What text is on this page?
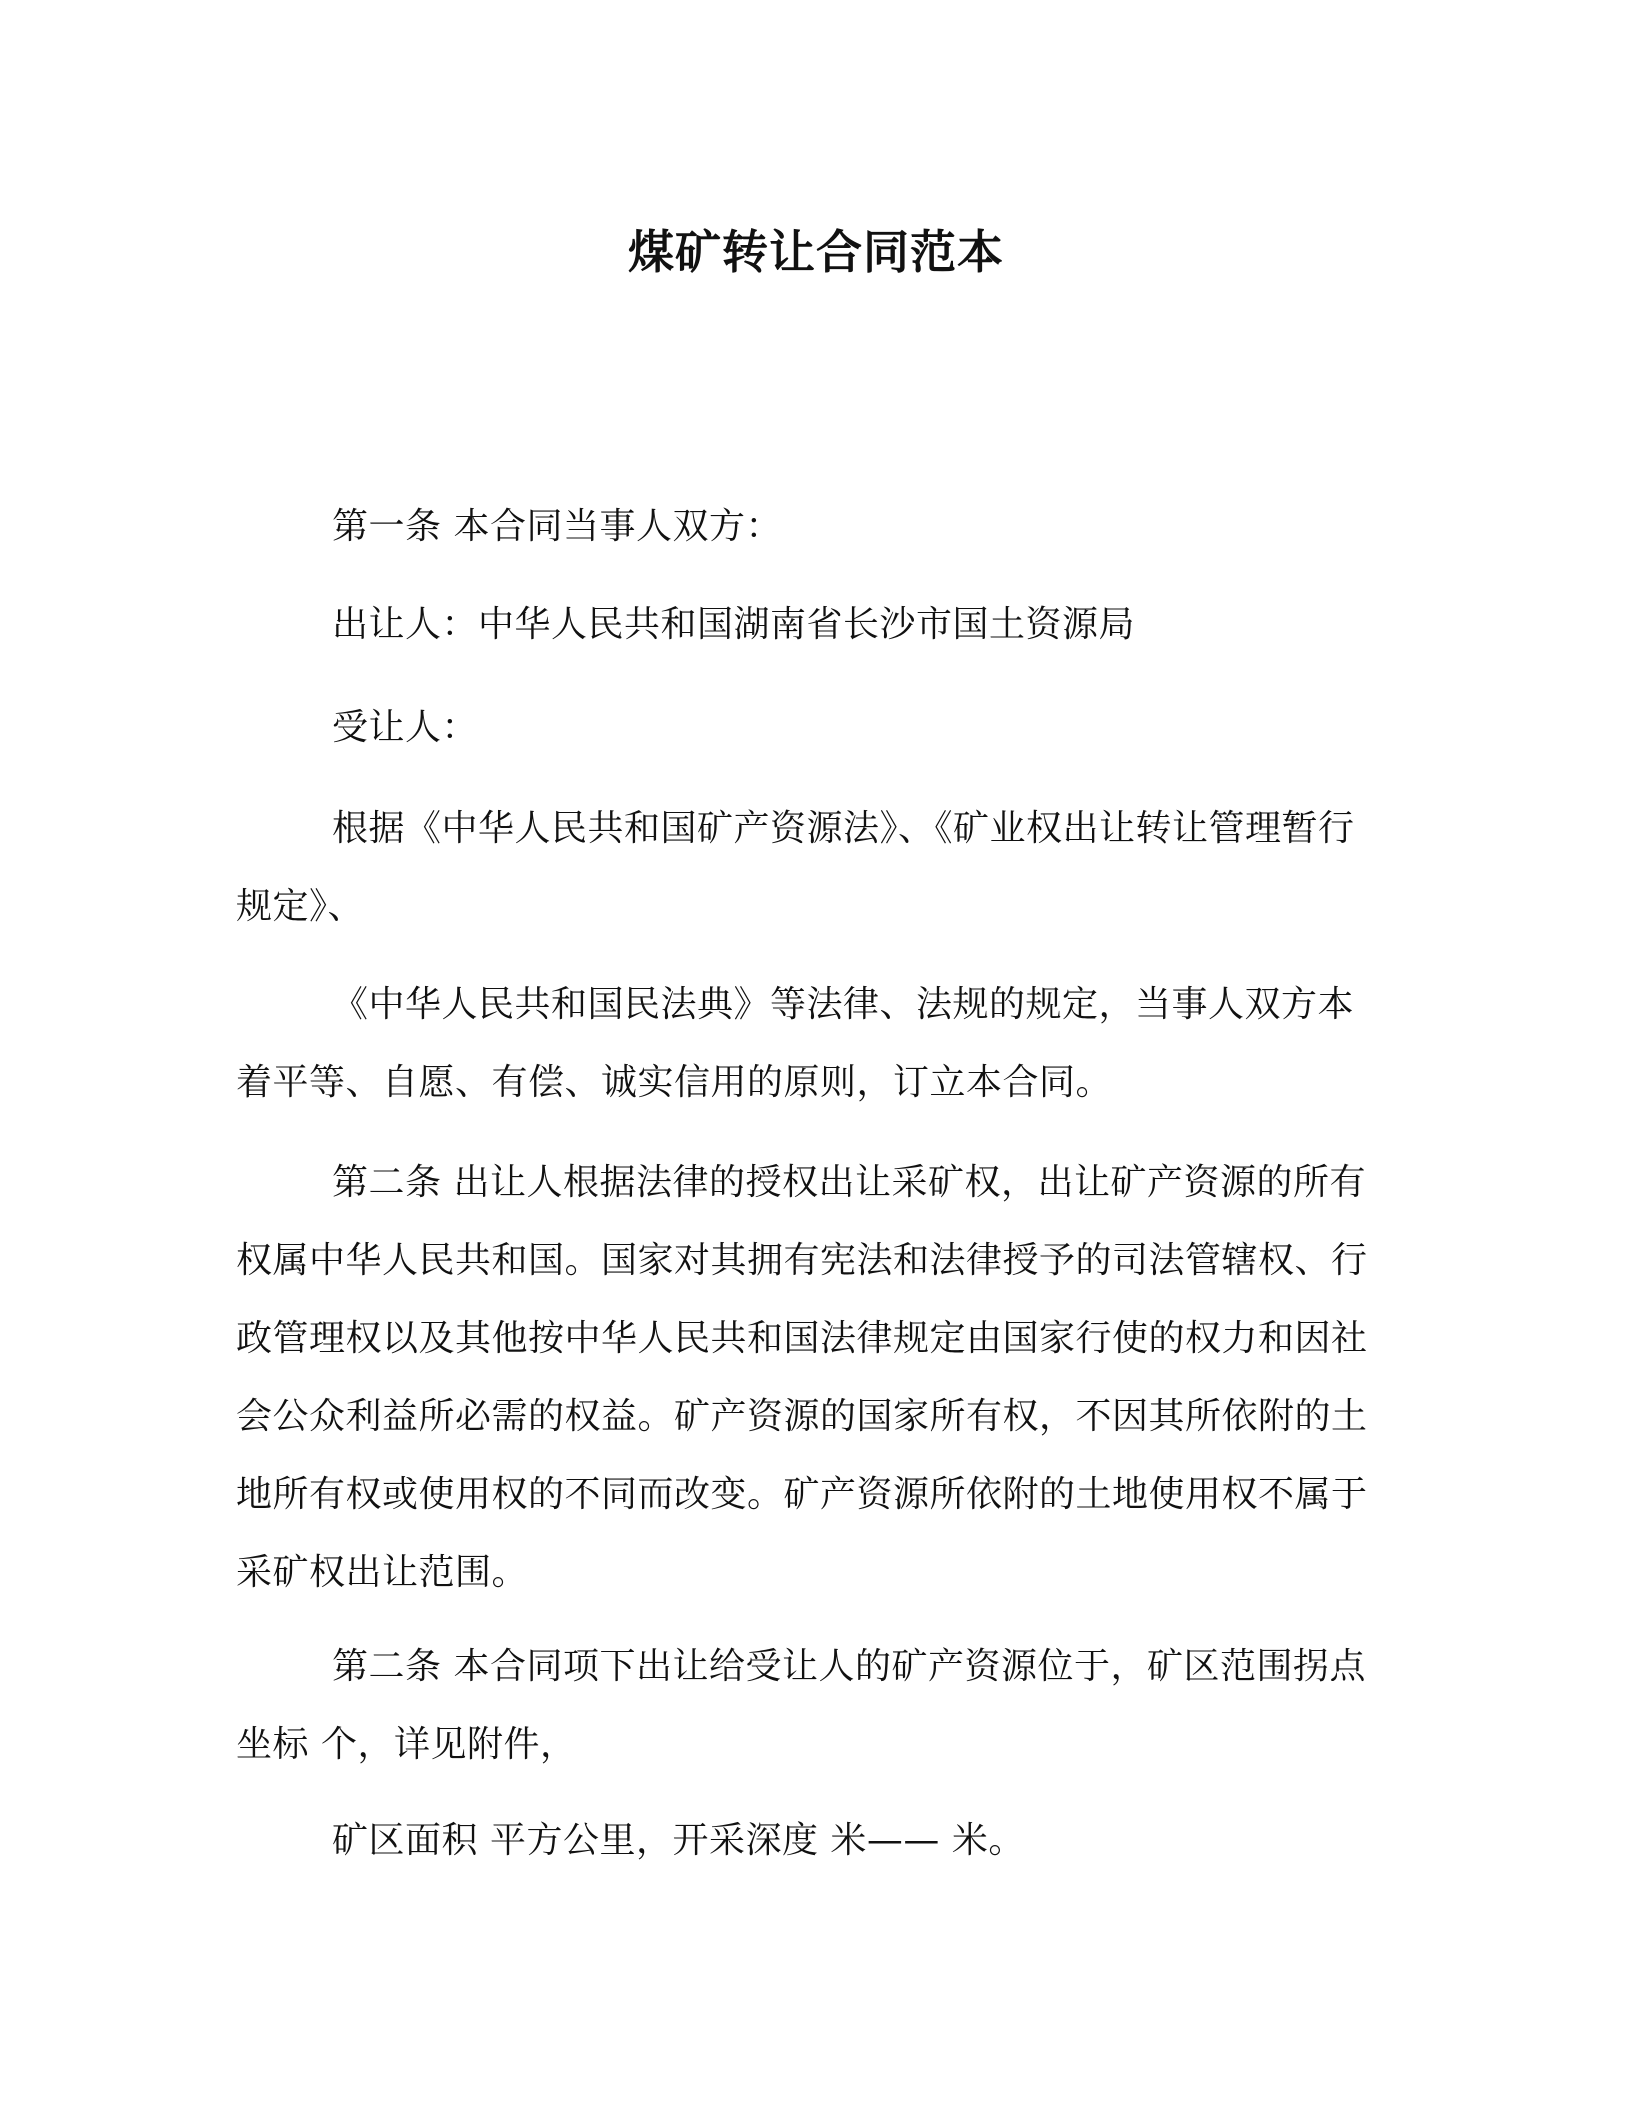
煤矿转让合同范本

第一条 本合同当事人双方：

出让人：中华人民共和国湖南省长沙市国土资源局

受让人：

根据《中华人民共和国矿产资源法》、《矿业权出让转让管理暂行规定》、

《中华人民共和国民法典》等法律、法规的规定，当事人双方本着平等、自愿、有偿、诚实信用的原则，订立本合同。

第二条 出让人根据法律的授权出让采矿权，出让矿产资源的所有权属中华人民共和国。国家对其拥有宪法和法律授予的司法管辖权、行政管理权以及其他按中华人民共和国法律规定由国家行使的权力和因社会公众利益所必需的权益。矿产资源的国家所有权，不因其所依附的土地所有权或使用权的不同而改变。矿产资源所依附的土地使用权不属于采矿权出让范围。

第二条 本合同项下出让给受让人的矿产资源位于，矿区范围拐点坐标 个，详见附件，

矿区面积 平方公里，开采深度 米—— 米。
